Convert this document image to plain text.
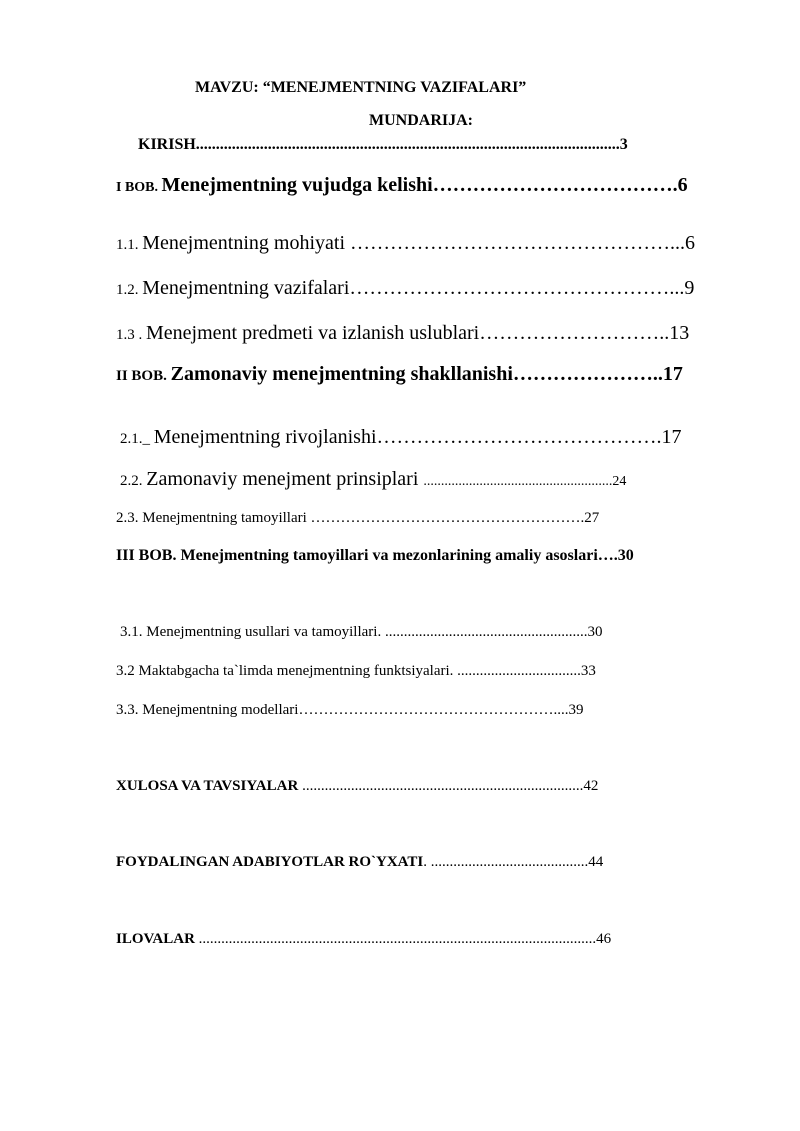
MAVZU: “MENEJMENTNING VAZIFALARI”
MUNDARIJA:
KIRISH..........................................................................................................3
I BOB. Menejmentning vujudga kelishi……………………………….6
1.1. Menejmentning mohiyati …………………………………………...6
1.2. Menejmentning vazifalari…………………………………………...9
1.3 . Menejment predmeti va izlanish uslublari………………………..13
II BOB. Zamonaviy menejmentning shakllanishi…………………..17
2.1._ Menejmentning rivojlanishi…………………………………….17
2.2. Zamonaviy menejment prinsiplari ......................................................24
2.3. Menejmentning tamoyillari ……………………………………………….27
III BOB. Menejmentning tamoyillari va mezonlarining amaliy asoslari….30
3.1. Menejmentning usullari va tamoyillari. ......................................................30
3.2 Maktabgacha ta`limda menejmentning funktsiyalari. .................................33
3.3. Menejmentning modellari……………………………………………....39
XULOSA VA TAVSIYALAR ...........................................................................42
FOYDALINGAN ADABIYOTLAR RO`YXATI. ..........................................44
ILOVALAR ..........................................................................................................46
